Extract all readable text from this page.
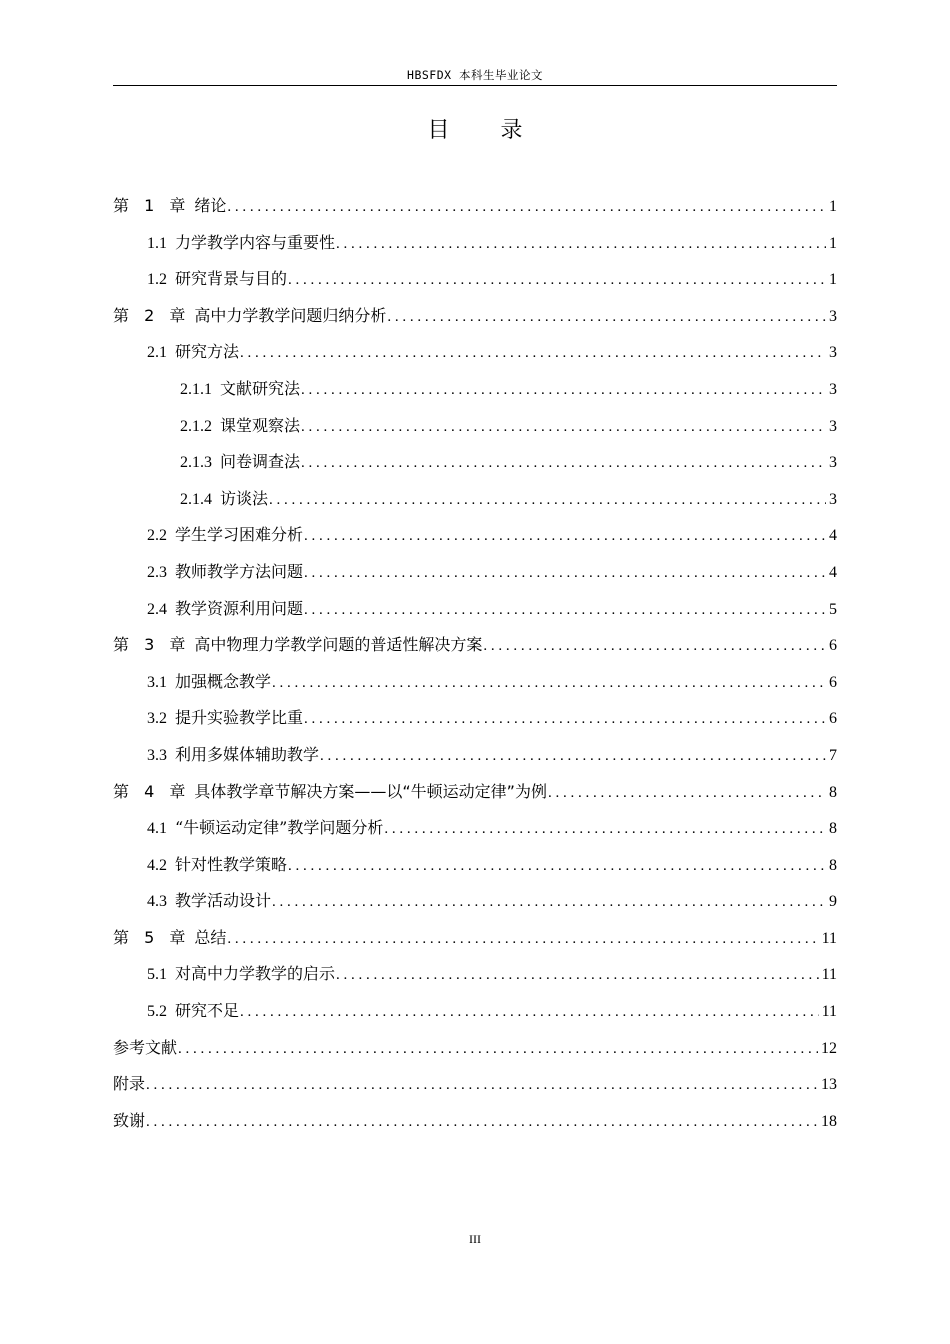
HBSFDX 本科生毕业论文
目 录
第 1 章 绪论 . . .	1
1.1 力学教学内容与重要性 . . .	1
1.2 研究背景与目的 . . .	1
第 2 章 高中力学教学问题归纳分析 . . .	3
2.1 研究方法 . . .	3
2.1.1 文献研究法 . . .	3
2.1.2 课堂观察法 . . .	3
2.1.3 问卷调查法 . . .	3
2.1.4 访谈法 . . .	3
2.2 学生学习困难分析 . . .	4
2.3 教师教学方法问题 . . .	4
2.4 教学资源利用问题 . . .	5
第 3 章 高中物理力学教学问题的普适性解决方案 . . .	6
3.1 加强概念教学 . . .	6
3.2 提升实验教学比重 . . .	6
3.3 利用多媒体辅助教学 . . .	7
第 4 章 具体教学章节解决方案——以“牛顿运动定律”为例 . . .	8
4.1 “牛顿运动定律”教学问题分析 . . .	8
4.2 针对性教学策略 . . .	8
4.3 教学活动设计 . . .	9
第 5 章 总结 . . .	11
5.1 对高中力学教学的启示 . . .	11
5.2 研究不足 . . .	11
参考文献 . . .	12
附录 . . .	13
致谢 . . .	18
III
